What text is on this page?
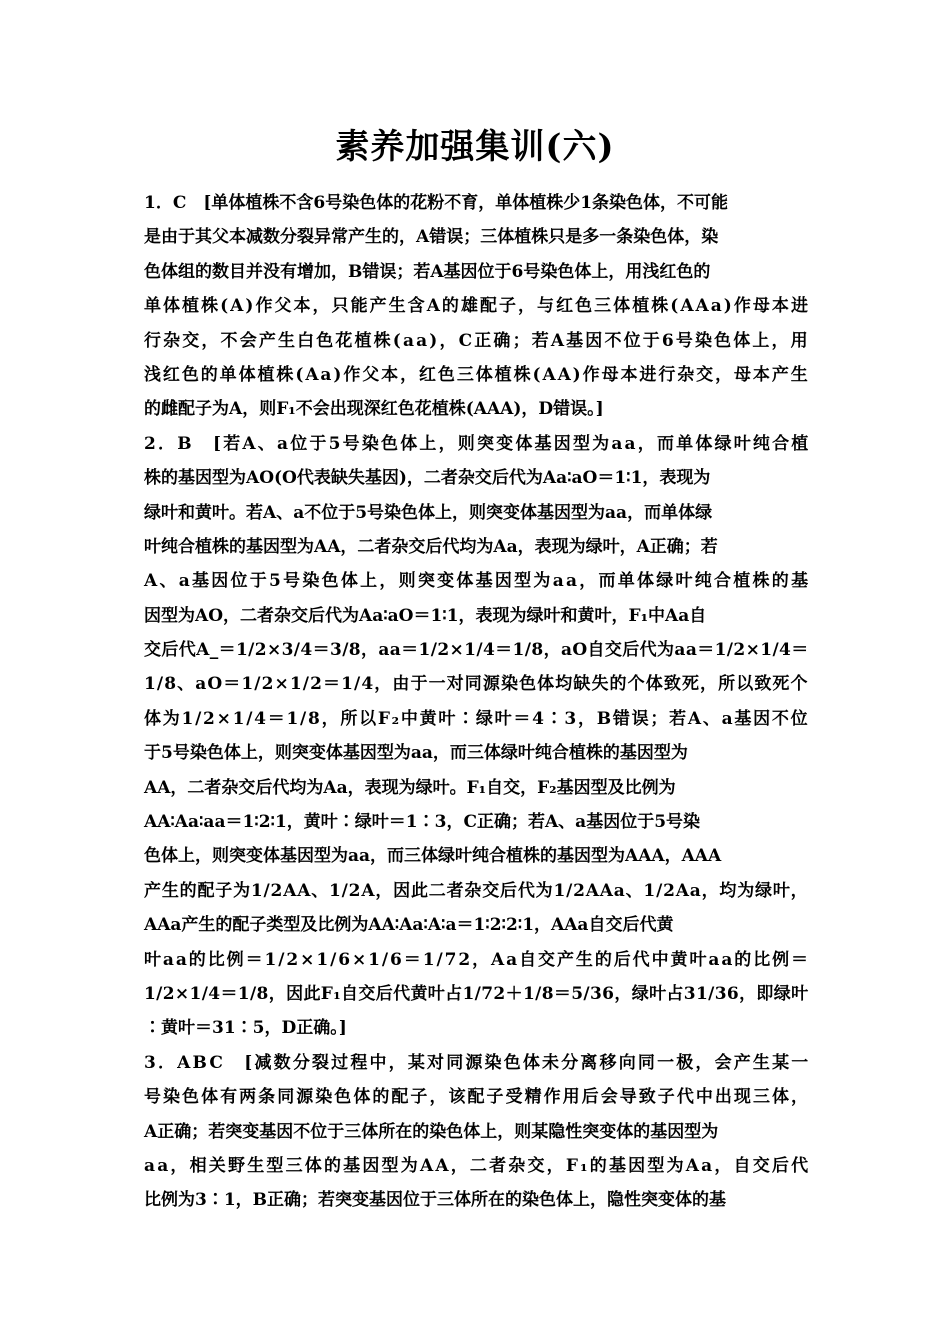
素养加强集训(六)
1．C　[单体植株不含6号染色体的花粉不育，单体植株少1条染色体，不可能
是由于其父本减数分裂异常产生的，A错误；三体植株只是多一条染色体，染
色体组的数目并没有增加，B错误；若A基因位于6号染色体上，用浅红色的
单体植株(A)作父本，只能产生含A的雄配子，与红色三体植株(AAa)作母本进
行杂交，不会产生白色花植株(aa)，C正确；若A基因不位于6号染色体上，用
浅红色的单体植株(Aa)作父本，红色三体植株(AA)作母本进行杂交，母本产生
的雌配子为A，则F₁不会出现深红色花植株(AAA)，D错误。]
2．B　[若A、a位于5号染色体上，则突变体基因型为aa，而单体绿叶纯合植
株的基因型为AO(O代表缺失基因)，二者杂交后代为Aa∶aO＝1∶1，表现为
绿叶和黄叶。若A、a不位于5号染色体上，则突变体基因型为aa，而单体绿
叶纯合植株的基因型为AA，二者杂交后代均为Aa，表现为绿叶，A正确；若
A、a基因位于5号染色体上，则突变体基因型为aa，而单体绿叶纯合植株的基
因型为AO，二者杂交后代为Aa∶aO＝1∶1，表现为绿叶和黄叶，F₁中Aa自
交后代A_＝1/2×3/4＝3/8，aa＝1/2×1/4＝1/8，aO自交后代为aa＝1/2×1/4＝
1/8、aO＝1/2×1/2＝1/4，由于一对同源染色体均缺失的个体致死，所以致死个
体为1/2×1/4＝1/8，所以F₂中黄叶∶绿叶＝4∶3，B错误；若A、a基因不位
于5号染色体上，则突变体基因型为aa，而三体绿叶纯合植株的基因型为
AA，二者杂交后代均为Aa，表现为绿叶。F₁自交，F₂基因型及比例为
AA∶Aa∶aa＝1∶2∶1，黄叶∶绿叶＝1∶3，C正确；若A、a基因位于5号染
色体上，则突变体基因型为aa，而三体绿叶纯合植株的基因型为AAA，AAA
产生的配子为1/2AA、1/2A，因此二者杂交后代为1/2AAa、1/2Aa，均为绿叶，
AAa产生的配子类型及比例为AA∶Aa∶A∶a＝1∶2∶2∶1，AAa自交后代黄
叶aa的比例＝1/2×1/6×1/6＝1/72，Aa自交产生的后代中黄叶aa的比例＝
1/2×1/4＝1/8，因此F₁自交后代黄叶占1/72＋1/8＝5/36，绿叶占31/36，即绿叶
∶黄叶＝31∶5，D正确。]
3．ABC　[减数分裂过程中，某对同源染色体未分离移向同一极，会产生某一
号染色体有两条同源染色体的配子，该配子受精作用后会导致子代中出现三体，
A正确；若突变基因不位于三体所在的染色体上，则某隐性突变体的基因型为
aa，相关野生型三体的基因型为AA，二者杂交，F₁的基因型为Aa，自交后代
比例为3∶1，B正确；若突变基因位于三体所在的染色体上，隐性突变体的基
